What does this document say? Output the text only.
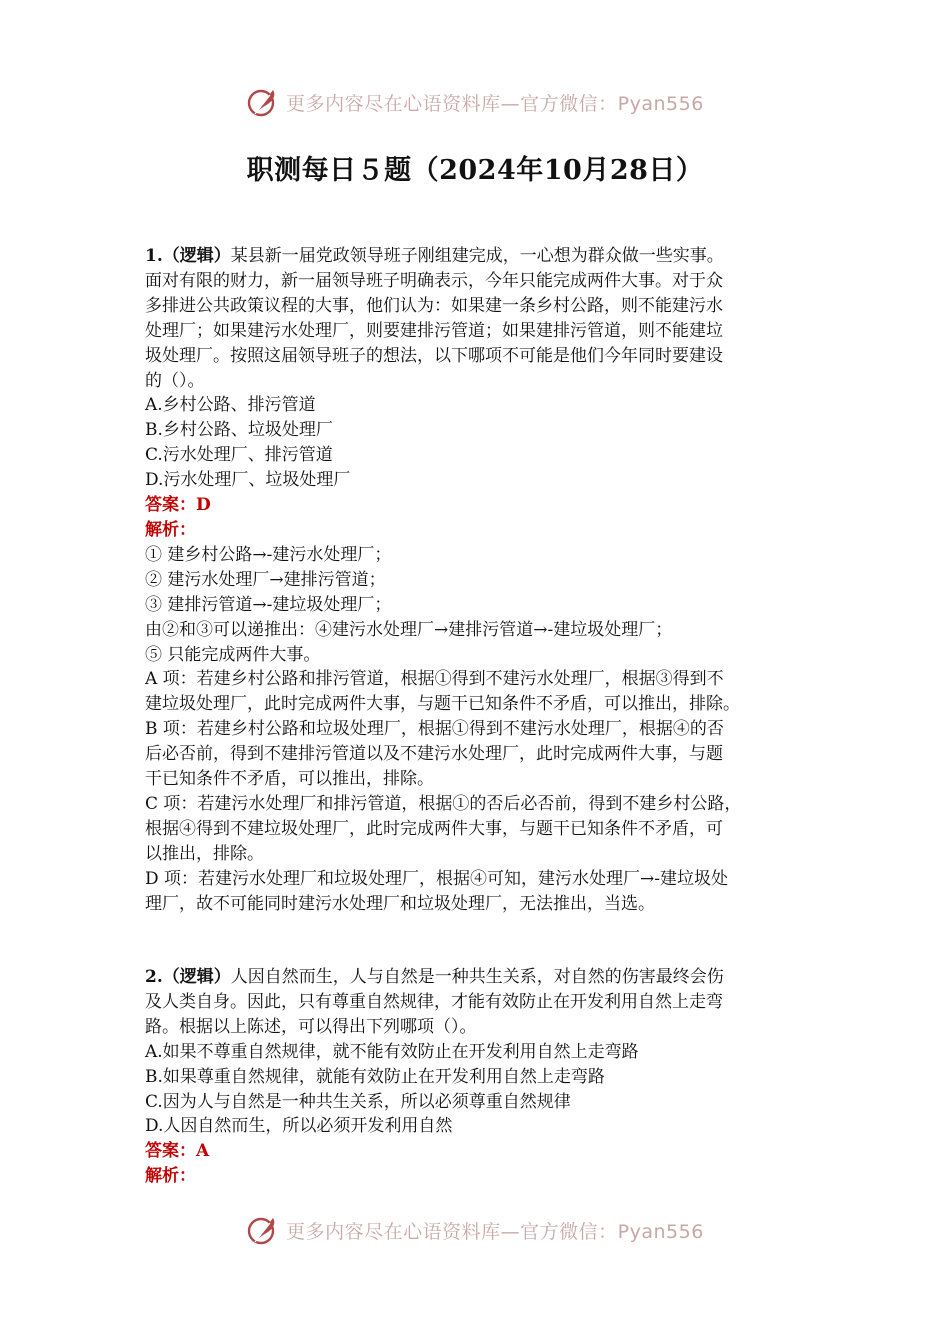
更多内容尽在心语资料库—官方微信：Pyan556
职测每日５题（2024年10月28日）
1.（逻辑）某县新一届党政领导班子刚组建完成，一心想为群众做一些实事。
面对有限的财力，新一届领导班子明确表示，今年只能完成两件大事。对于众
多排进公共政策议程的大事，他们认为：如果建一条乡村公路，则不能建污水
处理厂；如果建污水处理厂，则要建排污管道；如果建排污管道，则不能建垃
圾处理厂。按照这届领导班子的想法，以下哪项不可能是他们今年同时要建设
的（）。
A.乡村公路、排污管道
B.乡村公路、垃圾处理厂
C.污水处理厂、排污管道
D.污水处理厂、垃圾处理厂
答案：D
解析：
① 建乡村公路→-建污水处理厂；
② 建污水处理厂→建排污管道；
③ 建排污管道→-建垃圾处理厂；
由②和③可以递推出：④建污水处理厂→建排污管道→-建垃圾处理厂；
⑤ 只能完成两件大事。
A 项：若建乡村公路和排污管道，根据①得到不建污水处理厂，根据③得到不
建垃圾处理厂，此时完成两件大事，与题干已知条件不矛盾，可以推出，排除。
B 项：若建乡村公路和垃圾处理厂，根据①得到不建污水处理厂，根据④的否
后必否前，得到不建排污管道以及不建污水处理厂，此时完成两件大事，与题
干已知条件不矛盾，可以推出，排除。
C 项：若建污水处理厂和排污管道，根据①的否后必否前，得到不建乡村公路，
根据④得到不建垃圾处理厂，此时完成两件大事，与题干已知条件不矛盾，可
以推出，排除。
D 项：若建污水处理厂和垃圾处理厂，根据④可知，建污水处理厂→-建垃圾处
理厂，故不可能同时建污水处理厂和垃圾处理厂，无法推出，当选。
2.（逻辑）人因自然而生，人与自然是一种共生关系，对自然的伤害最终会伤
及人类自身。因此，只有尊重自然规律，才能有效防止在开发利用自然上走弯
路。根据以上陈述，可以得出下列哪项（）。
A.如果不尊重自然规律，就不能有效防止在开发利用自然上走弯路
B.如果尊重自然规律，就能有效防止在开发利用自然上走弯路
C.因为人与自然是一种共生关系，所以必须尊重自然规律
D.人因自然而生，所以必须开发利用自然
答案：A
解析：
更多内容尽在心语资料库—官方微信：Pyan556
